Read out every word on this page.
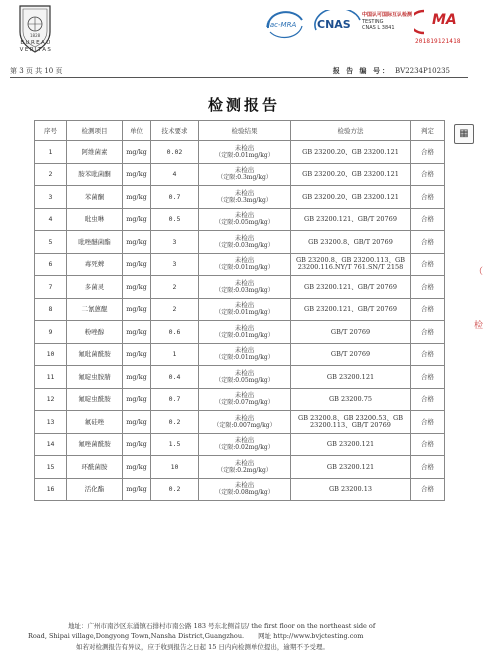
BUREAU VERITAS
1828
ilac-MRA CNAS
中国认可国际互认检测
TESTING
CNAS L 3841	MA
201819121418
第 3 页 共 10 页	报 告 编 号： BV2234P10235
检测报告
▦
（
检
序号	检测项目	单位	技术要求	检验结果	检验方法	判定
1	阿维菌素	mg/kg	0.02	未检出
（定限:0.01mg/kg）	GB 23200.20、GB 23200.121	合格
2	胺苯吡菌酮	mg/kg	4	未检出
（定限:0.3mg/kg）	GB 23200.20、GB 23200.121	合格
3	苯菌酮	mg/kg	0.7	未检出
（定限:0.3mg/kg）	GB 23200.20、GB 23200.121	合格
4	吡虫啉	mg/kg	0.5	未检出
（定限:0.05mg/kg）	GB 23200.121、GB/T 20769	合格
5	吡唑醚菌酯	mg/kg	3	未检出
（定限:0.03mg/kg）	GB 23200.8、GB/T 20769	合格
6	毒死蜱	mg/kg	3	未检出
（定限:0.01mg/kg）	GB 23200.8、GB 23200.113、GB 23200.116.NY/T 761.SN/T 2158	合格
7	多菌灵	mg/kg	2	未检出
（定限:0.03mg/kg）	GB 23200.121、GB/T 20769	合格
8	二氰蒽醌	mg/kg	2	未检出
（定限:0.01mg/kg）	GB 23200.121、GB/T 20769	合格
9	粉唑醇	mg/kg	0.6	未检出
（定限:0.01mg/kg）	GB/T 20769	合格
10	氟吡菌酰胺	mg/kg	1	未检出
（定限:0.01mg/kg）	GB/T 20769	合格
11	氟啶虫胺腈	mg/kg	0.4	未检出
（定限:0.05mg/kg）	GB 23200.121	合格
12	氟啶虫酰胺	mg/kg	0.7	未检出
（定限:0.07mg/kg）	GB 23200.75	合格
13	氟硅唑	mg/kg	0.2	未检出
（定限:0.007mg/kg）	GB 23200.8、GB 23200.53、GB 23200.113、GB/T 20769	合格
14	氟唑菌酰胺	mg/kg	1.5	未检出
（定限:0.02mg/kg）	GB 23200.121	合格
15	环酰菌胺	mg/kg	10	未检出
（定限:0.2mg/kg）	GB 23200.121	合格
16	活化酯	mg/kg	0.2	未检出
（定限:0.08mg/kg）	GB 23200.13	合格
地址：广州市南沙区东涌镇石排村市南公路 183 号东北侧首层/ the first floor on the northeast side of
Road, Shipai village,Dongyong Town,Nansha District,Guangzhou. 网址 http://www.bvjctesting.com
如若对检测报告有异议，应于收到报告之日起 15 日内向检测单位提出，逾期不予受理。
